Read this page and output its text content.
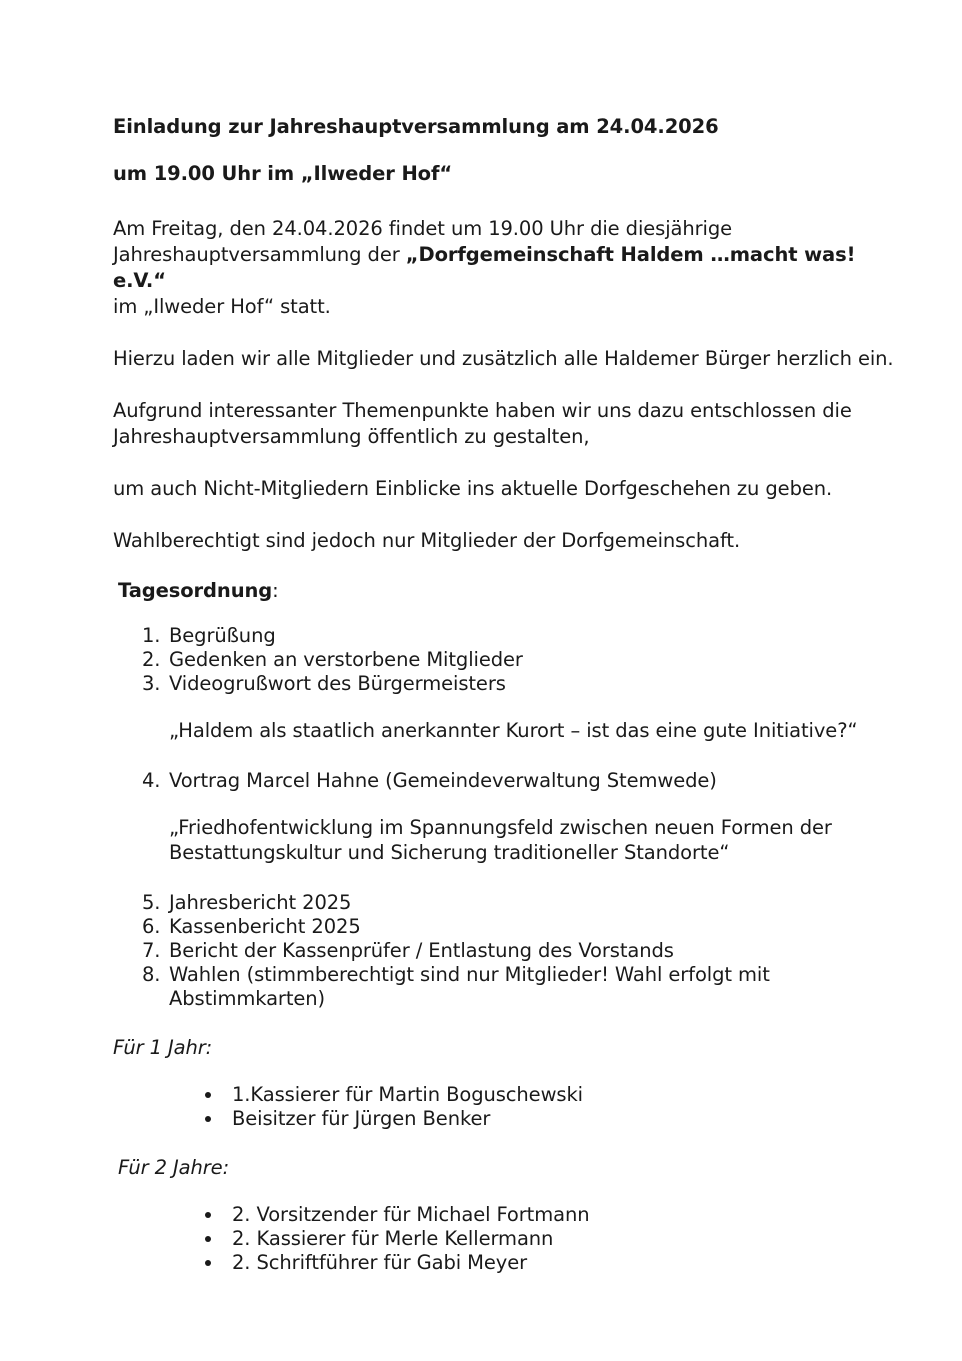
Einladung zur Jahreshauptversammlung am 24.04.2026
um 19.00 Uhr im „Ilweder Hof“

Am Freitag, den 24.04.2026 findet um 19.00 Uhr die diesjährige
Jahreshauptversammlung der „Dorfgemeinschaft Haldem …macht was! e.V.“
im „Ilweder Hof“ statt.

Hierzu laden wir alle Mitglieder und zusätzlich alle Haldemer Bürger herzlich ein.

Aufgrund interessanter Themenpunkte haben wir uns dazu entschlossen die Jahreshauptversammlung öffentlich zu gestalten,

um auch Nicht-Mitgliedern Einblicke ins aktuelle Dorfgeschehen zu geben.

Wahlberechtigt sind jedoch nur Mitglieder der Dorfgemeinschaft.

Tagesordnung:
1. Begrüßung
2. Gedenken an verstorbene Mitglieder
3. Videogrußwort des Bürgermeisters
„Haldem als staatlich anerkannter Kurort – ist das eine gute Initiative?“
4. Vortrag Marcel Hahne (Gemeindeverwaltung Stemwede)
„Friedhofentwicklung im Spannungsfeld zwischen neuen Formen der
Bestattungskultur und Sicherung traditioneller Standorte“
5. Jahresbericht 2025
6. Kassenbericht 2025
7. Bericht der Kassenprüfer / Entlastung des Vorstands
8. Wahlen (stimmberechtigt sind nur Mitglieder! Wahl erfolgt mit Abstimmkarten)
Für 1 Jahr:
1.Kassierer für Martin Boguschewski
Beisitzer für Jürgen Benker
Für 2 Jahre:
2. Vorsitzender für Michael Fortmann
2. Kassierer für Merle Kellermann
2. Schriftführer für Gabi Meyer
